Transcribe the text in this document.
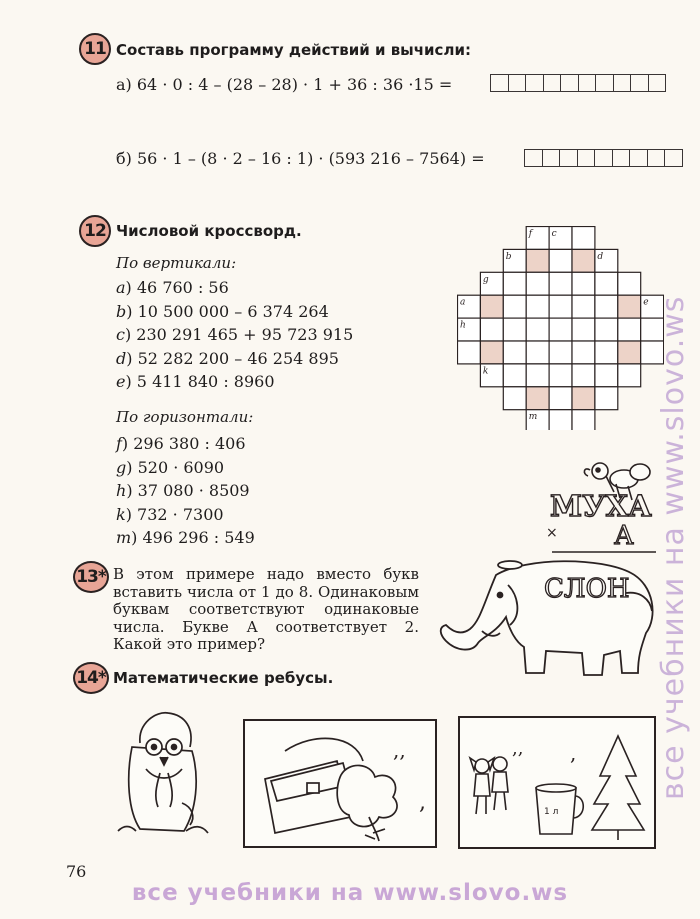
11 Составь программу действий и вычисли:
а) 64 · 0 : 4 – (28 – 28) · 1 + 36 : 36 ·15 =
б) 56 · 1 – (8 · 2 – 16 : 1) · (593 216 – 7564) =
12 Числовой кроссворд.
По вертикали:
a) 46 760 : 56
b) 10 500 000 – 6 374 264
c) 230 291 465 + 95 723 915
d) 52 282 200 – 46 254 895
e) 5 411 840 : 8960
По горизонтали:
f) 296 380 : 406
g) 520 · 6090
h) 37 080 · 8509
k) 732 · 7300
m) 496 296 : 549
f c
b	d
g
a	e
h
k
m
МУХА
× А
13* В этом примере надо вместо букв вставить числа от 1 до 8. Одинаковым буквам соответствуют одинаковые числа. Букве А соответствует 2. Какой это пример?
СЛОН
14* Математические ребусы.
,,
,
,, ,
1 л
76
все учебники на www.slovo.ws
все учебники на www.slovo.ws
